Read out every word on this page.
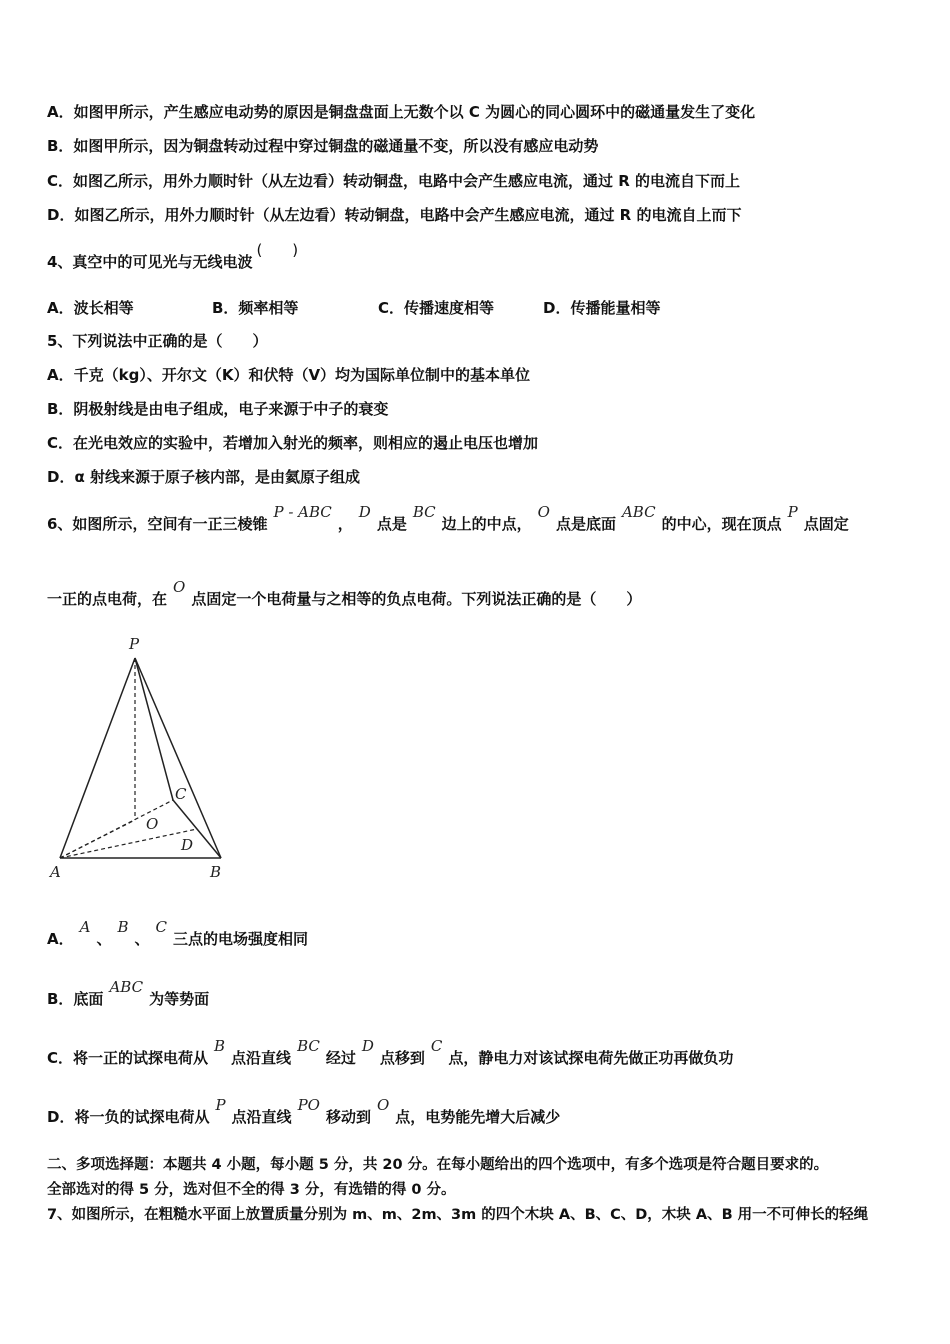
A．如图甲所示，产生感应电动势的原因是铜盘盘面上无数个以 C 为圆心的同心圆环中的磁通量发生了变化
B．如图甲所示，因为铜盘转动过程中穿过铜盘的磁通量不变，所以没有感应电动势
C．如图乙所示，用外力顺时针（从左边看）转动铜盘，电路中会产生感应电流，通过 R 的电流自下而上
D．如图乙所示，用外力顺时针（从左边看）转动铜盘，电路中会产生感应电流，通过 R 的电流自上而下
4、真空中的可见光与无线电波(　　)
A．波长相等	B．频率相等	C．传播速度相等	D．传播能量相等
5、下列说法中正确的是（　　）
A．千克（kg）、开尔文（K）和伏特（V）均为国际单位制中的基本单位
B．阴极射线是由电子组成，电子来源于中子的衰变
C．在光电效应的实验中，若增加入射光的频率，则相应的遏止电压也增加
D．α 射线来源于原子核内部，是由氦原子组成
6、如图所示，空间有一正三棱锥P - ABC，D点是BC边上的中点，O点是底面ABC的中心，现在顶点P点固定
一正的点电荷，在O点固定一个电荷量与之相等的负点电荷。下列说法正确的是（　　）
P
A	B
C
O
D
A．A、B、C三点的电场强度相同
B．底面ABC为等势面
C．将一正的试探电荷从B点沿直线BC经过D点移到C点，静电力对该试探电荷先做正功再做负功
D．将一负的试探电荷从P点沿直线PO移动到O点，电势能先增大后减少
二、多项选择题：本题共 4 小题，每小题 5 分，共 20 分。在每小题给出的四个选项中，有多个选项是符合题目要求的。
全部选对的得 5 分，选对但不全的得 3 分，有选错的得 0 分。
7、如图所示，在粗糙水平面上放置质量分别为 m、m、2m、3m 的四个木块 A、B、C、D，木块 A、B 用一不可伸长的轻绳
